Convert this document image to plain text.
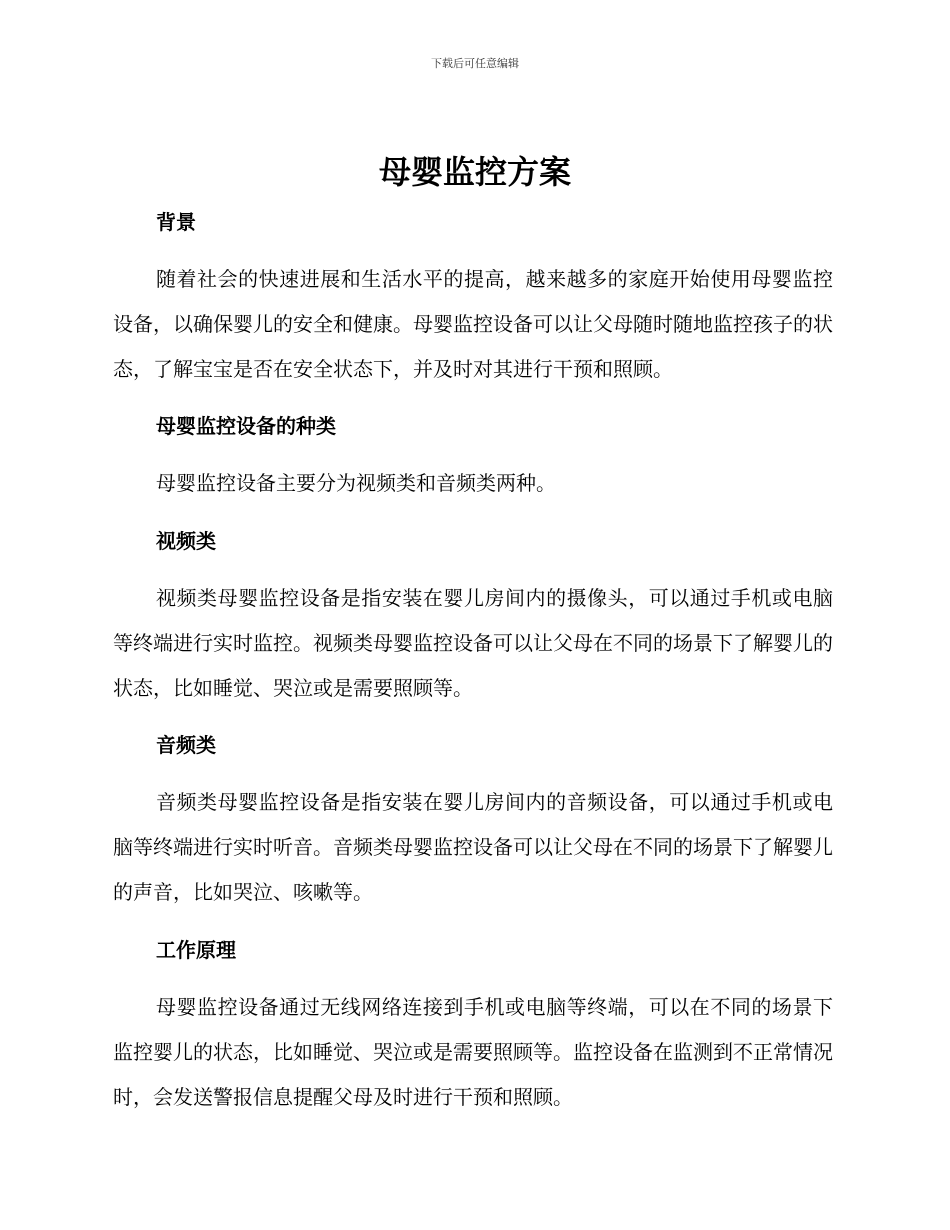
下载后可任意编辑
母婴监控方案
背景

随着社会的快速进展和生活水平的提高，越来越多的家庭开始使用母婴监控设备，以确保婴儿的安全和健康。母婴监控设备可以让父母随时随地监控孩子的状态，了解宝宝是否在安全状态下，并及时对其进行干预和照顾。

母婴监控设备的种类

母婴监控设备主要分为视频类和音频类两种。

视频类

视频类母婴监控设备是指安装在婴儿房间内的摄像头，可以通过手机或电脑等终端进行实时监控。视频类母婴监控设备可以让父母在不同的场景下了解婴儿的状态，比如睡觉、哭泣或是需要照顾等。

音频类

音频类母婴监控设备是指安装在婴儿房间内的音频设备，可以通过手机或电脑等终端进行实时听音。音频类母婴监控设备可以让父母在不同的场景下了解婴儿的声音，比如哭泣、咳嗽等。

工作原理

母婴监控设备通过无线网络连接到手机或电脑等终端，可以在不同的场景下监控婴儿的状态，比如睡觉、哭泣或是需要照顾等。监控设备在监测到不正常情况时，会发送警报信息提醒父母及时进行干预和照顾。
